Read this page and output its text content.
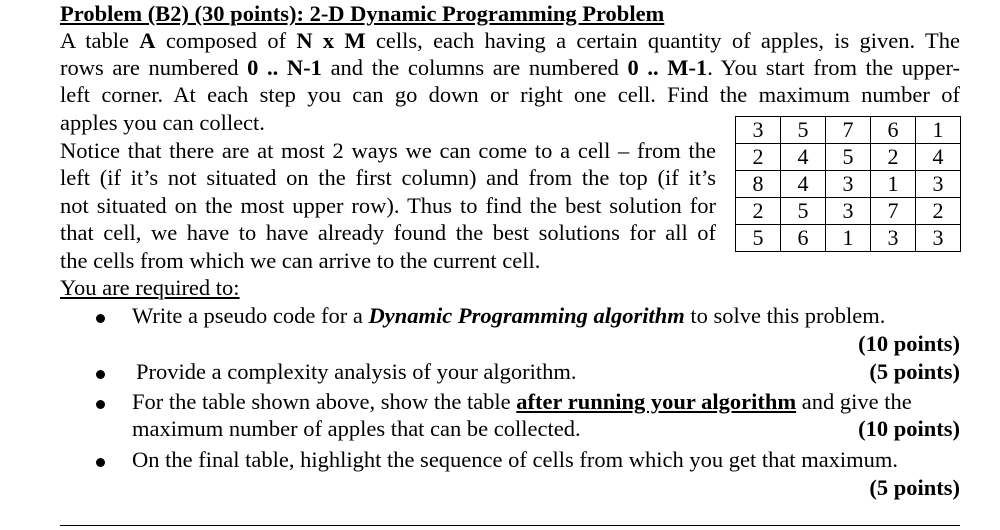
Problem (B2) (30 points): 2-D Dynamic Programming Problem
A table A composed of N x M cells, each having a certain quantity of apples, is given. The
rows are numbered 0 .. N-1 and the columns are numbered 0 .. M-1. You start from the upper-
left corner. At each step you can go down or right one cell. Find the maximum number of
apples you can collect.
Notice that there are at most 2 ways we can come to a cell – from the
left (if it’s not situated on the first column) and from the top (if it’s
not situated on the most upper row). Thus to find the best solution for
that cell, we have to have already found the best solutions for all of
the cells from which we can arrive to the current cell.
You are required to:
Write a pseudo code for a Dynamic Programming algorithm to solve this problem.
(10 points)
Provide a complexity analysis of your algorithm.	(5 points)
For the table shown above, show the table after running your algorithm and give the
maximum number of apples that can be collected.	(10 points)
On the final table, highlight the sequence of cells from which you get that maximum.
(5 points)
3	5	7	6	1
2	4	5	2	4
8	4	3	1	3
2	5	3	7	2
5	6	1	3	3
